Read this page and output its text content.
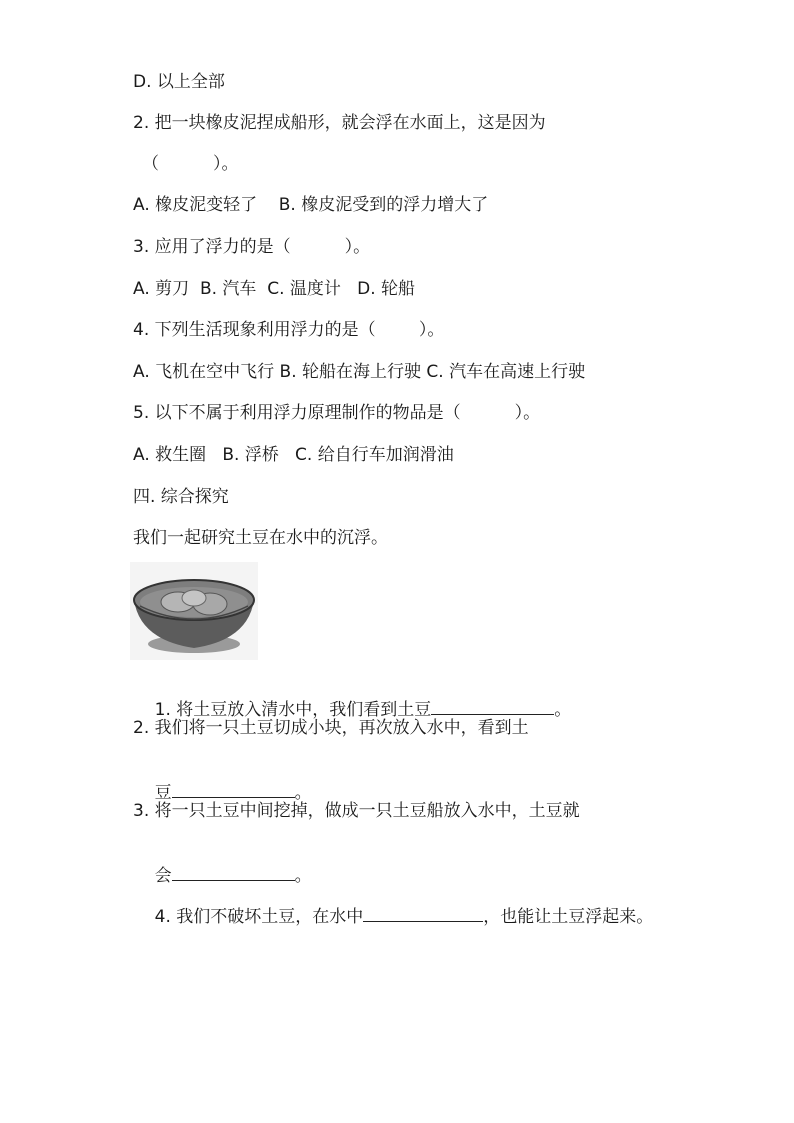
D. 以上全部
2. 把一块橡皮泥捏成船形，就会浮在水面上，这是因为
（          ）。
A. 橡皮泥变轻了    B. 橡皮泥受到的浮力增大了
3. 应用了浮力的是（          ）。
A. 剪刀  B. 汽车  C. 温度计   D. 轮船
4. 下列生活现象利用浮力的是（        ）。
A. 飞机在空中飞行 B. 轮船在海上行驶 C. 汽车在高速上行驶
5. 以下不属于利用浮力原理制作的物品是（          ）。
A. 救生圈   B. 浮桥   C. 给自行车加润滑油
四. 综合探究
我们一起研究土豆在水中的沉浮。

1. 将土豆放入清水中，我们看到土豆	。

2. 我们将一只土豆切成小块，再次放入水中，看到土

豆	。

3. 将一只土豆中间挖掉，做成一只土豆船放入水中，土豆就

会	。

4. 我们不破坏土豆，在水中	，也能让土豆浮起来。
